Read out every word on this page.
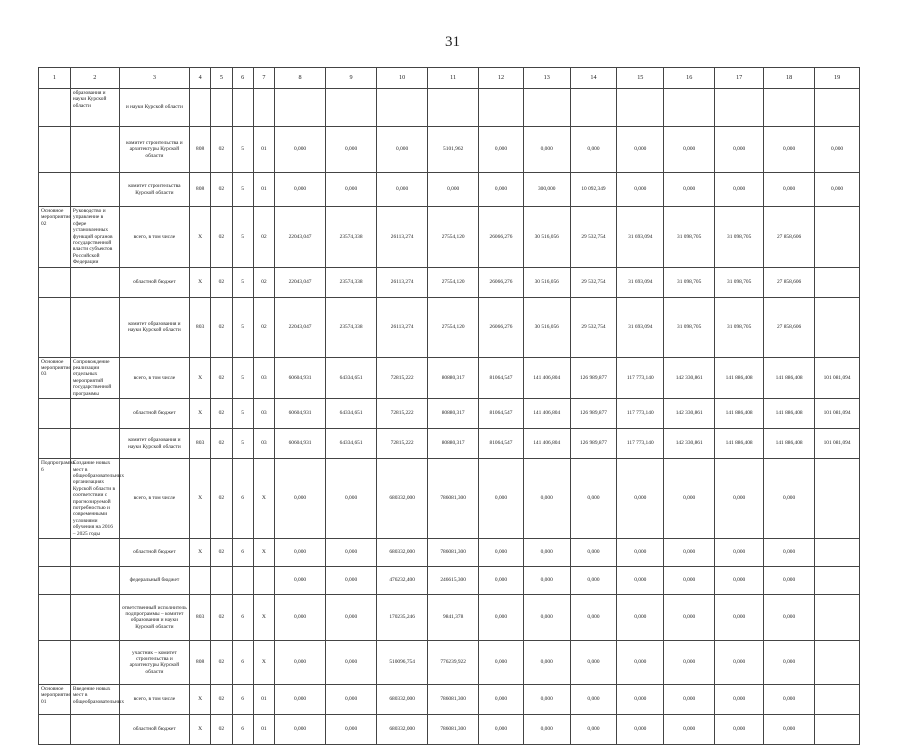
31
1	2	3	4	5	6	7	8	9	10	11	12	13	14	15	16	17	18	19
	образования и науки Курской области	и науки Курской области																
		комитет строительства и архитектуры Курской области	808	02	5	01	0,000	0,000	0,000	5101,962	0,000	0,000	0,000	0,000	0,000	0,000	0,000	0,000
		комитет строительства Курской области	808	02	5	01	0,000	0,000	0,000	0,000	0,000	300,000	10 092,349	0,000	0,000	0,000	0,000	0,000
Основное мероприятие 02	Руководство и управление в сфере установленных функций органов государственной власти субъектов Российской Федерации	всего, в том числе	X	02	5	02	22043,047	23574,338	26113,274	27554,120	26066,276	30 516,056	29 532,754	31 693,094	31 098,705	31 098,705	27 858,606	
		областной бюджет	X	02	5	02	22043,047	23574,338	26113,274	27554,120	26066,276	30 516,056	29 532,754	31 693,094	31 098,705	31 098,705	27 858,606	
		комитет образования и науки Курской области	803	02	5	02	22043,047	23574,338	26113,274	27554,120	26066,276	30 516,056	29 532,754	31 693,094	31 098,705	31 098,705	27 858,606	
Основное мероприятие 03	Сопровождение реализации отдельных мероприятий государственной программы	всего, в том числе	X	02	5	03	60604,931	64334,651	72815,222	80880,317	81064,547	141 406,804	126 989,877	117 773,140	142 330,861	141 886,408	141 886,408	101 081,094
		областной бюджет	X	02	5	03	60604,931	64334,651	72815,222	80880,317	81064,547	141 406,804	126 989,877	117 773,140	142 330,861	141 886,408	141 886,408	101 081,094
		комитет образования и науки Курской области	803	02	5	03	60604,931	64334,651	72815,222	80880,317	81064,547	141 406,804	126 989,877	117 773,140	142 330,861	141 886,408	141 886,408	101 081,094
Подпрограмма 6	Создание новых мест в общеобразовательных организациях Курской области в соответствии с прогнозируемой потребностью и современными условиями обучения на 2016 – 2025 годы	всего, в том числе	X	02	6	X	0,000	0,000	680332,000	786081,300	0,000	0,000	0,000	0,000	0,000	0,000	0,000	
		областной бюджет	X	02	6	X	0,000	0,000	680332,000	786081,300	0,000	0,000	0,000	0,000	0,000	0,000	0,000	
		федеральный бюджет					0,000	0,000	476232,400	246615,300	0,000	0,000	0,000	0,000	0,000	0,000	0,000	
		ответственный исполнитель подпрограммы – комитет образования и науки Курской области	803	02	6	X	0,000	0,000	170235,246	9841,378	0,000	0,000	0,000	0,000	0,000	0,000	0,000	
		участник – комитет строительства и архитектуры Курской области	808	02	6	X	0,000	0,000	510096,754	776239,922	0,000	0,000	0,000	0,000	0,000	0,000	0,000	
Основное мероприятие 01	Введение новых мест в общеобразовательных	всего, в том числе	X	02	6	01	0,000	0,000	680332,000	786081,300	0,000	0,000	0,000	0,000	0,000	0,000	0,000	
		областной бюджет	X	02	6	01	0,000	0,000	680332,000	786081,300	0,000	0,000	0,000	0,000	0,000	0,000	0,000	
